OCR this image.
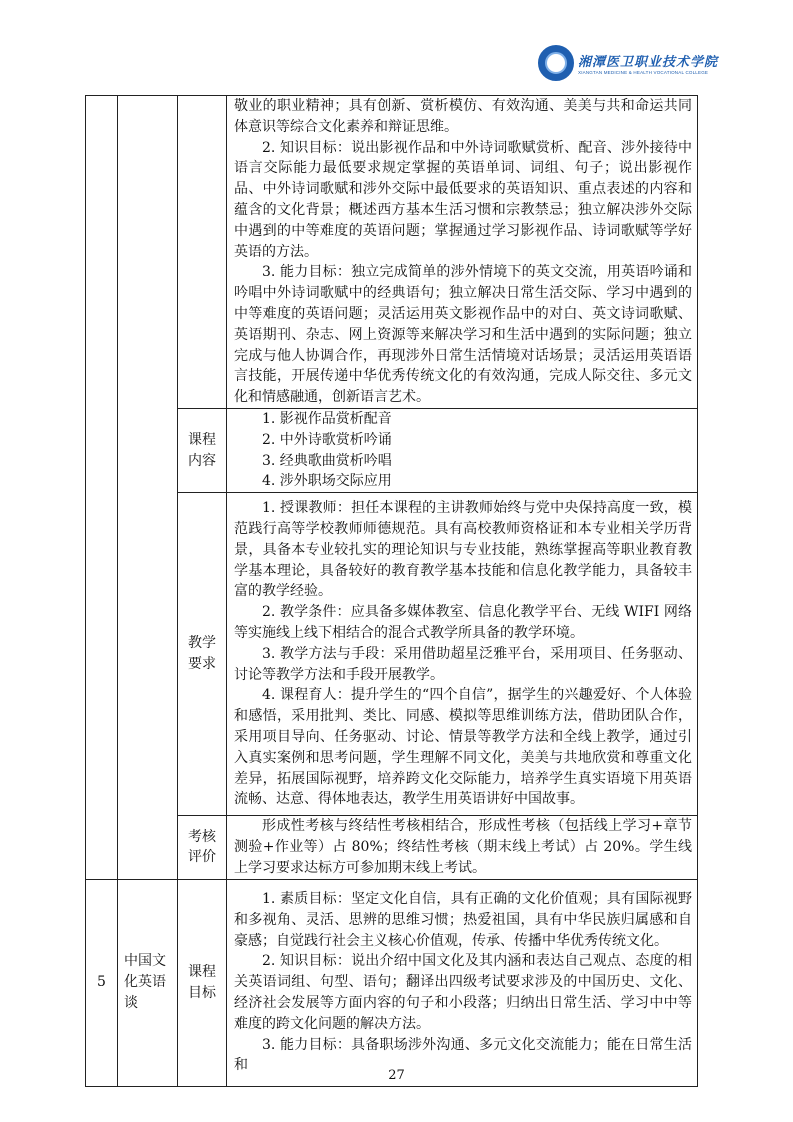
湘潭医卫职业技术学院
XIANGTAN MEDICINE & HEALTH VOCATIONAL COLLEGE

			敬业的职业精神；具有创新、赏析模仿、有效沟通、美美与共和命运共同体意识等综合文化素养和辩证思维。

2. 知识目标：说出影视作品和中外诗词歌赋赏析、配音、涉外接待中语言交际能力最低要求规定掌握的英语单词、词组、句子；说出影视作品、中外诗词歌赋和涉外交际中最低要求的英语知识、重点表述的内容和蕴含的文化背景；概述西方基本生活习惯和宗教禁忌；独立解决涉外交际中遇到的中等难度的英语问题；掌握通过学习影视作品、诗词歌赋等学好英语的方法。

3. 能力目标：独立完成简单的涉外情境下的英文交流，用英语吟诵和吟唱中外诗词歌赋中的经典语句；独立解决日常生活交际、学习中遇到的中等难度的英语问题；灵活运用英文影视作品中的对白、英文诗词歌赋、英语期刊、杂志、网上资源等来解决学习和生活中遇到的实际问题；独立完成与他人协调合作，再现涉外日常生活情境对话场景；灵活运用英语语言技能，开展传递中华优秀传统文化的有效沟通，完成人际交往、多元文化和情感融通，创新语言艺术。

		课程内容	1. 影视作品赏析配音

2. 中外诗歌赏析吟诵

3. 经典歌曲赏析吟唱

4. 涉外职场交际应用

		教学要求	1. 授课教师：担任本课程的主讲教师始终与党中央保持高度一致，模范践行高等学校教师师德规范。具有高校教师资格证和本专业相关学历背景，具备本专业较扎实的理论知识与专业技能，熟练掌握高等职业教育教学基本理论，具备较好的教育教学基本技能和信息化教学能力，具备较丰富的教学经验。

2. 教学条件：应具备多媒体教室、信息化教学平台、无线 WIFI 网络等实施线上线下相结合的混合式教学所具备的教学环境。

3. 教学方法与手段：采用借助超星泛雅平台，采用项目、任务驱动、讨论等教学方法和手段开展教学。

4. 课程育人：提升学生的“四个自信”，据学生的兴趣爱好、个人体验和感悟，采用批判、类比、同感、模拟等思维训练方法，借助团队合作，采用项目导向、任务驱动、讨论、情景等教学方法和全线上教学，通过引入真实案例和思考问题，学生理解不同文化，美美与共地欣赏和尊重文化差异，拓展国际视野，培养跨文化交际能力，培养学生真实语境下用英语流畅、达意、得体地表达，教学生用英语讲好中国故事。

		考核评价	形成性考核与终结性考核相结合，形成性考核（包括线上学习+章节测验+作业等）占 80%；终结性考核（期末线上考试）占 20%。学生线上学习要求达标方可参加期末线上考试。

5	中国文化英语谈	课程目标	1. 素质目标：坚定文化自信，具有正确的文化价值观；具有国际视野和多视角、灵活、思辨的思维习惯；热爱祖国，具有中华民族归属感和自豪感；自觉践行社会主义核心价值观，传承、传播中华优秀传统文化。

2. 知识目标：说出介绍中国文化及其内涵和表达自己观点、态度的相关英语词组、句型、语句；翻译出四级考试要求涉及的中国历史、文化、经济社会发展等方面内容的句子和小段落；归纳出日常生活、学习中中等难度的跨文化问题的解决方法。

3. 能力目标：具备职场涉外沟通、多元文化交流能力；能在日常生活和

27
